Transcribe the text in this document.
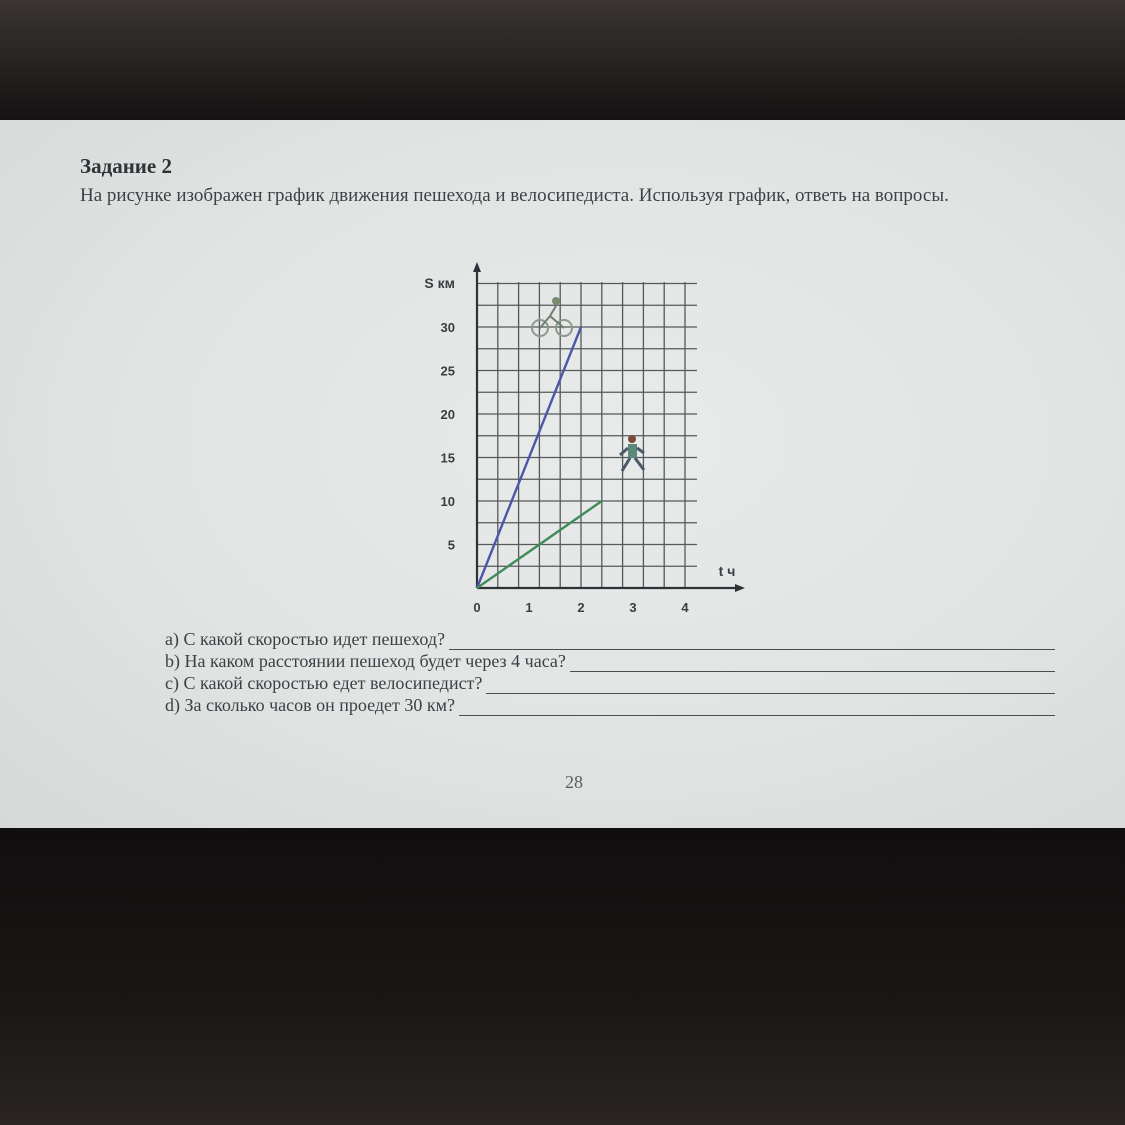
Задание 2
На рисунке изображен график движения пешехода и велосипедиста. Используя график, ответь на вопросы.
5
10
15
20
25
30
0	1	2	3	4
S км
t ч
а) С какой скоростью идет пешеход?
b) На каком расстоянии пешеход будет через 4 часа?
с) С какой скоростью едет велосипедист?
d) За сколько часов он проедет 30 км?
28
